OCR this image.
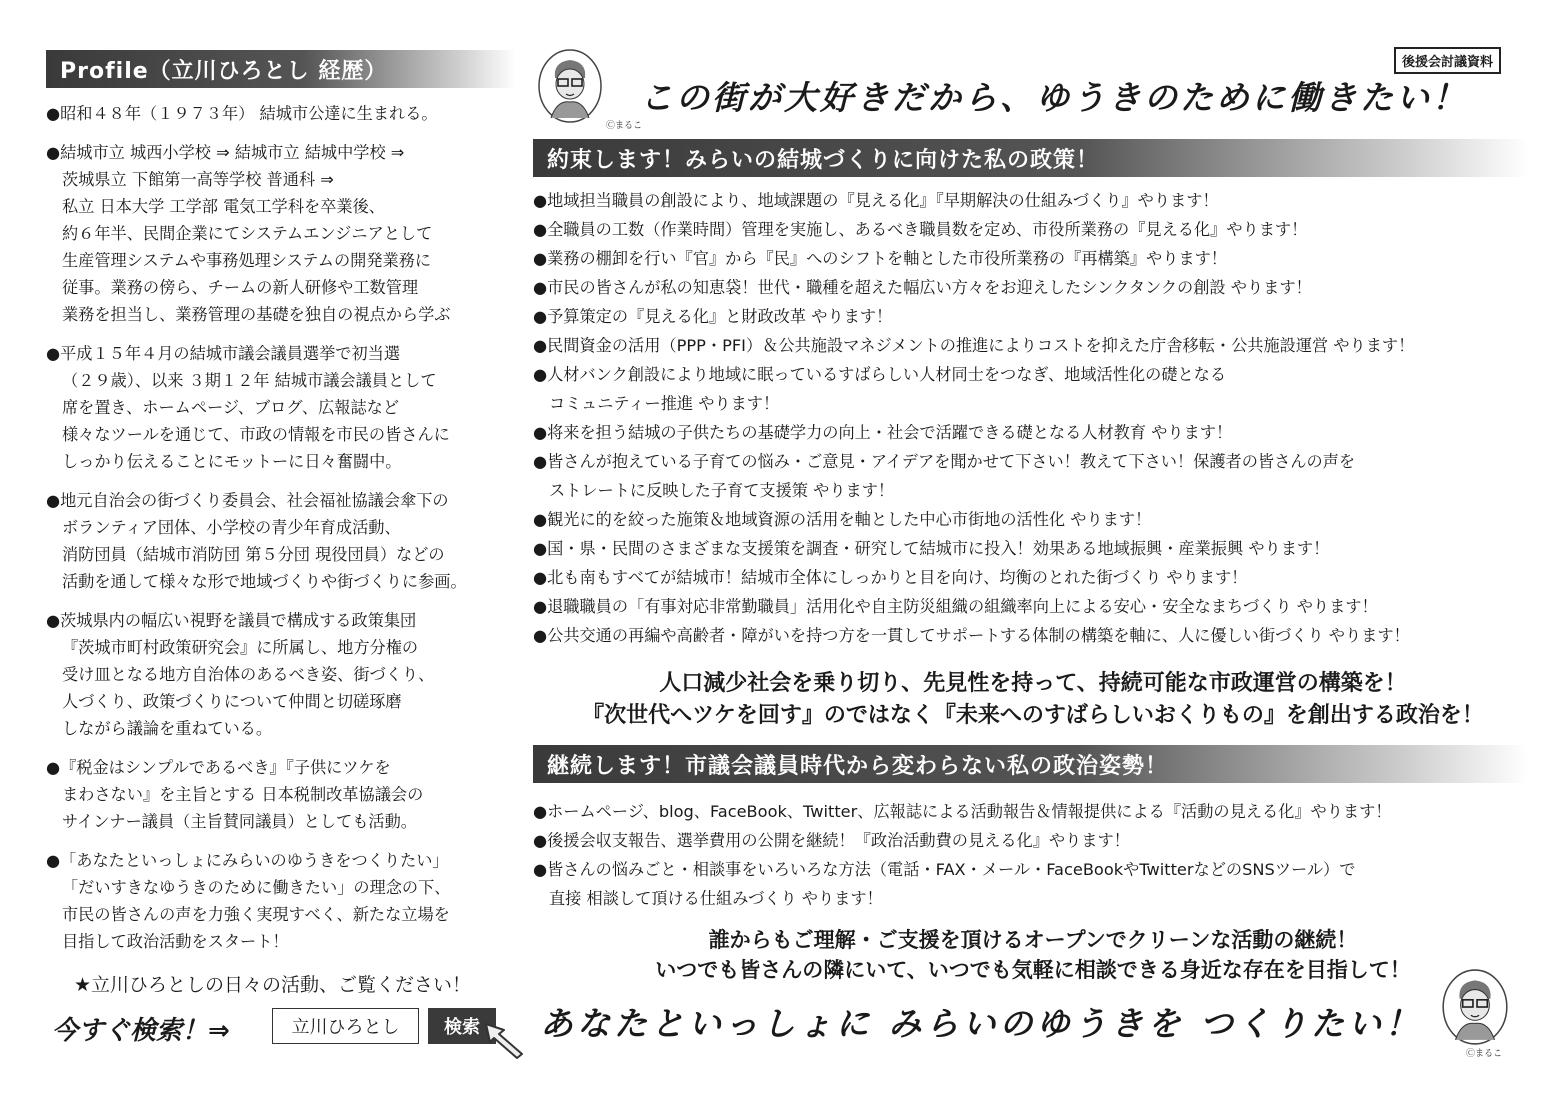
Profile（立川ひろとし 経歴）
●昭和４８年（１９７３年） 結城市公達に生まれる。
●結城市立 城西小学校 ⇒ 結城市立 結城中学校 ⇒
茨城県立 下館第一高等学校 普通科 ⇒
私立 日本大学 工学部 電気工学科を卒業後、
約６年半、民間企業にてシステムエンジニアとして
生産管理システムや事務処理システムの開発業務に
従事。業務の傍ら、チームの新人研修や工数管理
業務を担当し、業務管理の基礎を独自の視点から学ぶ
●平成１５年４月の結城市議会議員選挙で初当選
（２９歳）、以来 ３期１２年 結城市議会議員として
席を置き、ホームページ、ブログ、広報誌など
様々なツールを通じて、市政の情報を市民の皆さんに
しっかり伝えることにモットーに日々奮闘中。
●地元自治会の街づくり委員会、社会福祉協議会傘下の
ボランティア団体、小学校の青少年育成活動、
消防団員（結城市消防団 第５分団 現役団員）などの
活動を通して様々な形で地域づくりや街づくりに参画。
●茨城県内の幅広い視野を議員で構成する政策集団
『茨城市町村政策研究会』に所属し、地方分権の
受け皿となる地方自治体のあるべき姿、街づくり、
人づくり、政策づくりについて仲間と切磋琢磨
しながら議論を重ねている。
●『税金はシンプルであるべき』『子供にツケを
まわさない』を主旨とする 日本税制改革協議会の
サインナー議員（主旨賛同議員）としても活動。
●「あなたといっしょにみらいのゆうきをつくりたい」
「だいすきなゆうきのために働きたい」の理念の下、
市民の皆さんの声を力強く実現すべく、新たな立場を
目指して政治活動をスタート！
★立川ひろとしの日々の活動、ご覧ください！
今すぐ検索！⇒	立川ひろとし 検索
Ⓒまるこ
後援会討議資料
この街が大好きだから、ゆうきのために働きたい！
約束します！みらいの結城づくりに向けた私の政策！
●地域担当職員の創設により、地域課題の『見える化』『早期解決の仕組みづくり』やります！
●全職員の工数（作業時間）管理を実施し、あるべき職員数を定め、市役所業務の『見える化』やります！
●業務の棚卸を行い『官』から『民』へのシフトを軸とした市役所業務の『再構築』やります！
●市民の皆さんが私の知恵袋！世代・職種を超えた幅広い方々をお迎えしたシンクタンクの創設 やります！
●予算策定の『見える化』と財政改革 やります！
●民間資金の活用（PPP・PFI）＆公共施設マネジメントの推進によりコストを抑えた庁舎移転・公共施設運営 やります！
●人材バンク創設により地域に眠っているすばらしい人材同士をつなぎ、地域活性化の礎となる
コミュニティー推進 やります！
●将来を担う結城の子供たちの基礎学力の向上・社会で活躍できる礎となる人材教育 やります！
●皆さんが抱えている子育ての悩み・ご意見・アイデアを聞かせて下さい！教えて下さい！保護者の皆さんの声を
ストレートに反映した子育て支援策 やります！
●観光に的を絞った施策＆地域資源の活用を軸とした中心市街地の活性化 やります！
●国・県・民間のさまざまな支援策を調査・研究して結城市に投入！効果ある地域振興・産業振興 やります！
●北も南もすべてが結城市！結城市全体にしっかりと目を向け、均衡のとれた街づくり やります！
●退職職員の「有事対応非常勤職員」活用化や自主防災組織の組織率向上による安心・安全なまちづくり やります！
●公共交通の再編や高齢者・障がいを持つ方を一貫してサポートする体制の構築を軸に、人に優しい街づくり やります！
人口減少社会を乗り切り、先見性を持って、持続可能な市政運営の構築を！
『次世代へツケを回す』のではなく『未来へのすばらしいおくりもの』を創出する政治を！
継続します！市議会議員時代から変わらない私の政治姿勢！
●ホームページ、blog、FaceBook、Twitter、広報誌による活動報告＆情報提供による『活動の見える化』やります！
●後援会収支報告、選挙費用の公開を継続！『政治活動費の見える化』やります！
●皆さんの悩みごと・相談事をいろいろな方法（電話・FAX・メール・FaceBookやTwitterなどのSNSツール）で
直接 相談して頂ける仕組みづくり やります！
誰からもご理解・ご支援を頂けるオープンでクリーンな活動の継続！
いつでも皆さんの隣にいて、いつでも気軽に相談できる身近な存在を目指して！
あなたといっしょに みらいのゆうきを つくりたい！
Ⓒまるこ
